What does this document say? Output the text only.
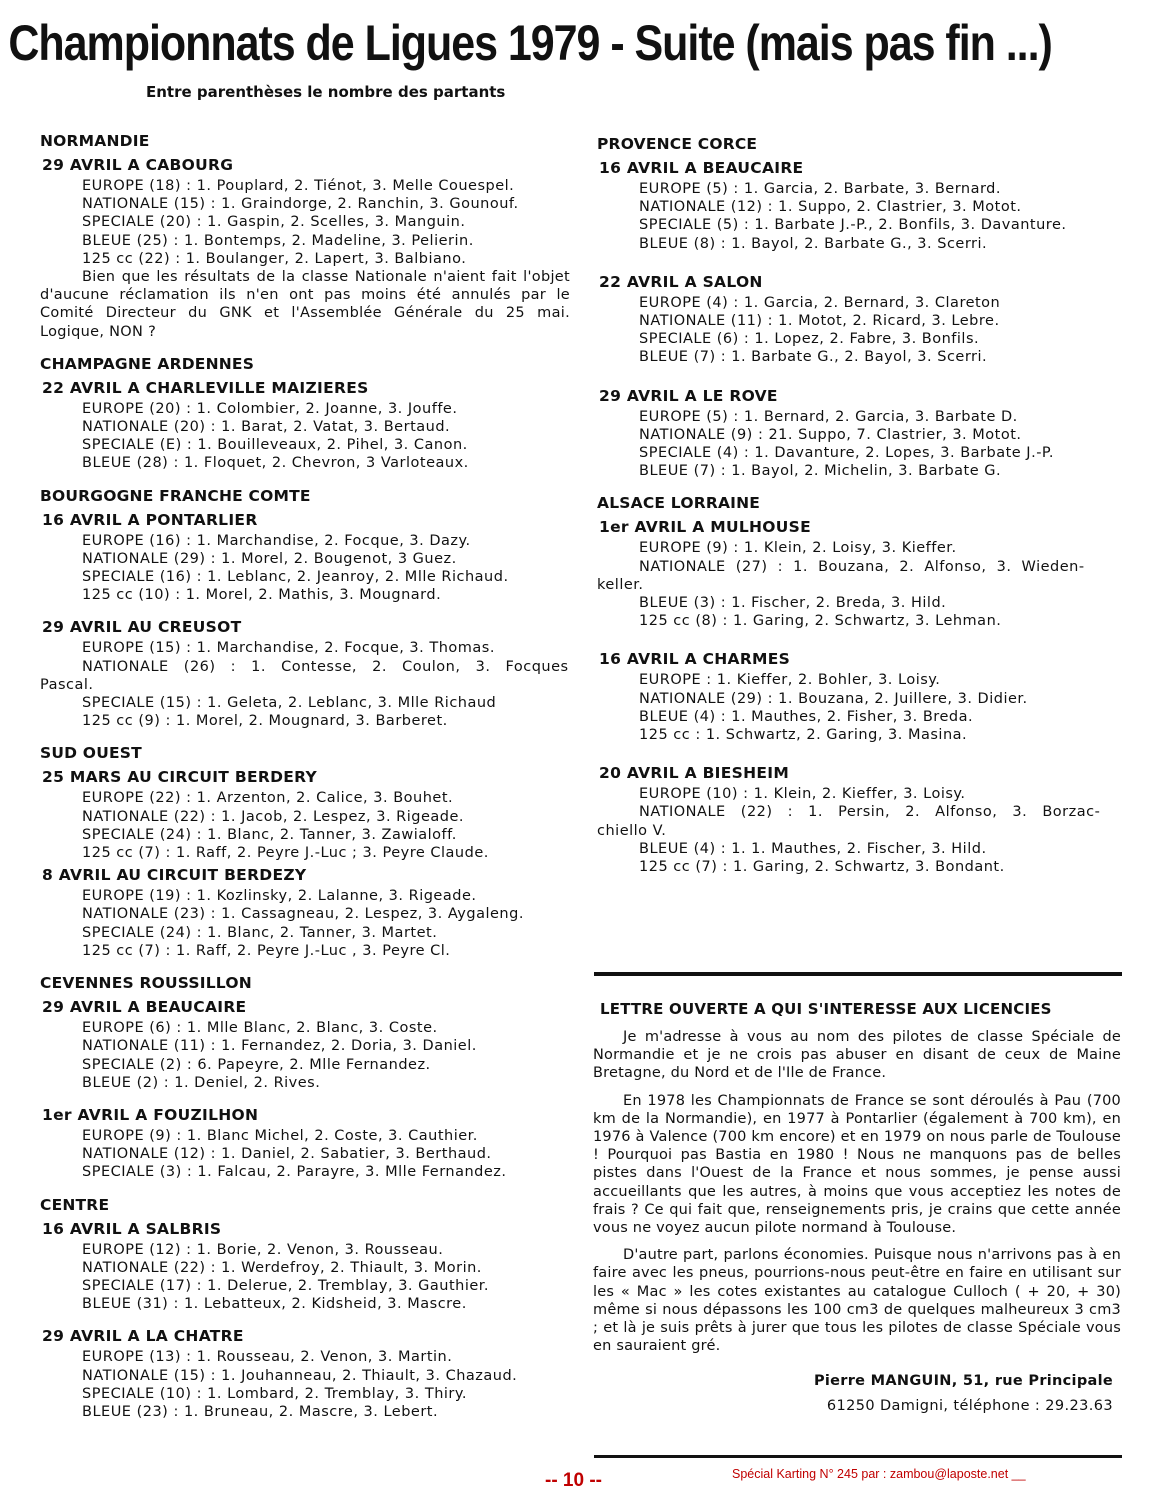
Championnats de Ligues 1979 - Suite (mais pas fin ...)
Entre parenthèses le nombre des partants
NORMANDIE
29 AVRIL A CABOURG
EUROPE (18) : 1. Pouplard, 2. Tiénot, 3. Melle Couespel.
NATIONALE (15) : 1. Graindorge, 2. Ranchin, 3. Gounouf.
SPECIALE (20) : 1. Gaspin, 2. Scelles, 3. Manguin.
BLEUE (25) : 1. Bontemps, 2. Madeline, 3. Pelierin.
125 cc (22) : 1. Boulanger, 2. Lapert, 3. Balbiano.
Bien que les résultats de la classe Nationale n'aient fait l'objet d'aucune réclamation ils n'en ont pas moins été annulés par le Comité Directeur du GNK et l'Assemblée Générale du 25 mai. Logique, NON ?
CHAMPAGNE ARDENNES
22 AVRIL A CHARLEVILLE MAIZIERES
EUROPE (20) : 1. Colombier, 2. Joanne, 3. Jouffe.
NATIONALE (20) : 1. Barat, 2. Vatat, 3. Bertaud.
SPECIALE (E) : 1. Bouilleveaux, 2. Pihel, 3. Canon.
BLEUE (28) : 1. Floquet, 2. Chevron, 3 Varloteaux.
BOURGOGNE FRANCHE COMTE
16 AVRIL A PONTARLIER
EUROPE (16) : 1. Marchandise, 2. Focque, 3. Dazy.
NATIONALE (29) : 1. Morel, 2. Bougenot, 3 Guez.
SPECIALE (16) : 1. Leblanc, 2. Jeanroy, 2. Mlle Richaud.
125 cc (10) : 1. Morel, 2. Mathis, 3. Mougnard.
29 AVRIL AU CREUSOT
EUROPE (15) : 1. Marchandise, 2. Focque, 3. Thomas.
NATIONALE (26) : 1. Contesse, 2. Coulon, 3. Focques
Pascal.
SPECIALE (15) : 1. Geleta, 2. Leblanc, 3. Mlle Richaud
125 cc (9) : 1. Morel, 2. Mougnard, 3. Barberet.
SUD OUEST
25 MARS AU CIRCUIT BERDERY
EUROPE (22) : 1. Arzenton, 2. Calice, 3. Bouhet.
NATIONALE (22) : 1. Jacob, 2. Lespez, 3. Rigeade.
SPECIALE (24) : 1. Blanc, 2. Tanner, 3. Zawialoff.
125 cc (7) : 1. Raff, 2. Peyre J.-Luc ; 3. Peyre Claude.
8 AVRIL AU CIRCUIT BERDEZY
EUROPE (19) : 1. Kozlinsky, 2. Lalanne, 3. Rigeade.
NATIONALE (23) : 1. Cassagneau, 2. Lespez, 3. Aygaleng.
SPECIALE (24) : 1. Blanc, 2. Tanner, 3. Martet.
125 cc (7) : 1. Raff, 2. Peyre J.-Luc , 3. Peyre Cl.
CEVENNES ROUSSILLON
29 AVRIL A BEAUCAIRE
EUROPE (6) : 1. Mlle Blanc, 2. Blanc, 3. Coste.
NATIONALE (11) : 1. Fernandez, 2. Doria, 3. Daniel.
SPECIALE (2) : 6. Papeyre, 2. Mlle Fernandez.
BLEUE (2) : 1. Deniel, 2. Rives.
1er AVRIL A FOUZILHON
EUROPE (9) : 1. Blanc Michel, 2. Coste, 3. Cauthier.
NATIONALE (12) : 1. Daniel, 2. Sabatier, 3. Berthaud.
SPECIALE (3) : 1. Falcau, 2. Parayre, 3. Mlle Fernandez.
CENTRE
16 AVRIL A SALBRIS
EUROPE (12) : 1. Borie, 2. Venon, 3. Rousseau.
NATIONALE (22) : 1. Werdefroy, 2. Thiault, 3. Morin.
SPECIALE (17) : 1. Delerue, 2. Tremblay, 3. Gauthier.
BLEUE (31) : 1. Lebatteux, 2. Kidsheid, 3. Mascre.
29 AVRIL A LA CHATRE
EUROPE (13) : 1. Rousseau, 2. Venon, 3. Martin.
NATIONALE (15) : 1. Jouhanneau, 2. Thiault, 3. Chazaud.
SPECIALE (10) : 1. Lombard, 2. Tremblay, 3. Thiry.
BLEUE (23) : 1. Bruneau, 2. Mascre, 3. Lebert.
PROVENCE CORCE
16 AVRIL A BEAUCAIRE
EUROPE (5) : 1. Garcia, 2. Barbate, 3. Bernard.
NATIONALE (12) : 1. Suppo, 2. Clastrier, 3. Motot.
SPECIALE (5) : 1. Barbate J.-P., 2. Bonfils, 3. Davanture.
BLEUE (8) : 1. Bayol, 2. Barbate G., 3. Scerri.
22 AVRIL A SALON
EUROPE (4) : 1. Garcia, 2. Bernard, 3. Clareton
NATIONALE (11) : 1. Motot, 2. Ricard, 3. Lebre.
SPECIALE (6) : 1. Lopez, 2. Fabre, 3. Bonfils.
BLEUE (7) : 1. Barbate G., 2. Bayol, 3. Scerri.
29 AVRIL A LE ROVE
EUROPE (5) : 1. Bernard, 2. Garcia, 3. Barbate D.
NATIONALE (9) : 21. Suppo, 7. Clastrier, 3. Motot.
SPECIALE (4) : 1. Davanture, 2. Lopes, 3. Barbate J.-P.
BLEUE (7) : 1. Bayol, 2. Michelin, 3. Barbate G.
ALSACE LORRAINE
1er AVRIL A MULHOUSE
EUROPE (9) : 1. Klein, 2. Loisy, 3. Kieffer.
NATIONALE (27) : 1. Bouzana, 2. Alfonso, 3. Wieden-
keller.
BLEUE (3) : 1. Fischer, 2. Breda, 3. Hild.
125 cc (8) : 1. Garing, 2. Schwartz, 3. Lehman.
16 AVRIL A CHARMES
EUROPE : 1. Kieffer, 2. Bohler, 3. Loisy.
NATIONALE (29) : 1. Bouzana, 2. Juillere, 3. Didier.
BLEUE (4) : 1. Mauthes, 2. Fisher, 3. Breda.
125 cc : 1. Schwartz, 2. Garing, 3. Masina.
20 AVRIL A BIESHEIM
EUROPE (10) : 1. Klein, 2. Kieffer, 3. Loisy.
NATIONALE (22) : 1. Persin, 2. Alfonso, 3. Borzac-
chiello V.
BLEUE (4) : 1. 1. Mauthes, 2. Fischer, 3. Hild.
125 cc (7) : 1. Garing, 2. Schwartz, 3. Bondant.
LETTRE OUVERTE A QUI S'INTERESSE AUX LICENCIES

Je m'adresse à vous au nom des pilotes de classe Spéciale de Normandie et je ne crois pas abuser en disant de ceux de Maine Bretagne, du Nord et de l'Ile de France.

En 1978 les Championnats de France se sont déroulés à Pau (700 km de la Normandie), en 1977 à Pontarlier (également à 700 km), en 1976 à Valence (700 km encore) et en 1979 on nous parle de Toulouse ! Pourquoi pas Bastia en 1980 ! Nous ne manquons pas de belles pistes dans l'Ouest de la France et nous sommes, je pense aussi accueillants que les autres, à moins que vous acceptiez les notes de frais ? Ce qui fait que, renseignements pris, je crains que cette année vous ne voyez aucun pilote normand à Toulouse.

D'autre part, parlons économies. Puisque nous n'arrivons pas à en faire avec les pneus, pourrions-nous peut-être en faire en utilisant sur les « Mac » les cotes existantes au catalogue Culloch ( + 20, + 30) même si nous dépassons les 100 cm3 de quelques malheureux 3 cm3 ; et là je suis prêts à jurer que tous les pilotes de classe Spéciale vous en sauraient gré.

Pierre MANGUIN, 51, rue Principale
61250 Damigni, téléphone : 29.23.63
-- 10 --	Spécial Karting N° 245 par : zambou@laposte.net __
